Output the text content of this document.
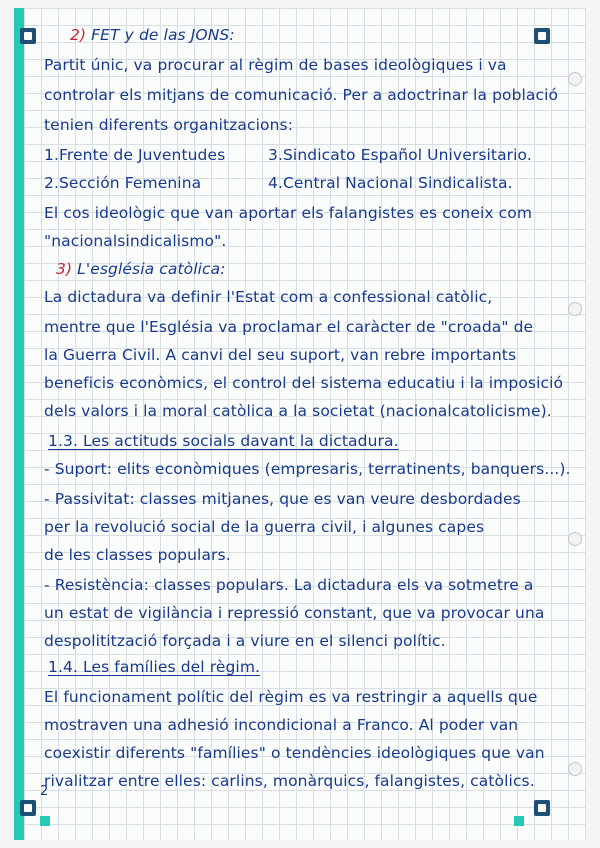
2) FET y de las JONS:
Partit únic, va procurar al règim de bases ideològiques i va
controlar els mitjans de comunicació. Per a adoctrinar la població
tenien diferents organitzacions:
1.Frente de Juventudes	3.Sindicato Español Universitario.
2.Sección Femenina	4.Central Nacional Sindicalista.
El cos ideològic que van aportar els falangistes es coneix com
"nacionalsindicalismo".
3) L'església catòlica:
La dictadura va definir l'Estat com a confessional catòlic,
mentre que l'Església va proclamar el caràcter de "croada" de
la Guerra Civil. A canvi del seu suport, van rebre importants
beneficis econòmics, el control del sistema educatiu i la imposició
dels valors i la moral catòlica a la societat (nacionalcatolicisme).
1.3. Les actituds socials davant la dictadura.
- Suport: elits econòmiques (empresaris, terratinents, banquers...).
- Passivitat: classes mitjanes, que es van veure desbordades
per la revolució social de la guerra civil, i algunes capes
de les classes populars.
- Resistència: classes populars. La dictadura els va sotmetre a
un estat de vigilància i repressió constant, que va provocar una
despolitització forçada i a viure en el silenci polític.
1.4. Les famílies del règim.
El funcionament polític del règim es va restringir a aquells que
mostraven una adhesió incondicional a Franco. Al poder van
coexistir diferents "famílies" o tendències ideològiques que van
rivalitzar entre elles: carlins, monàrquics, falangistes, catòlics.
2
